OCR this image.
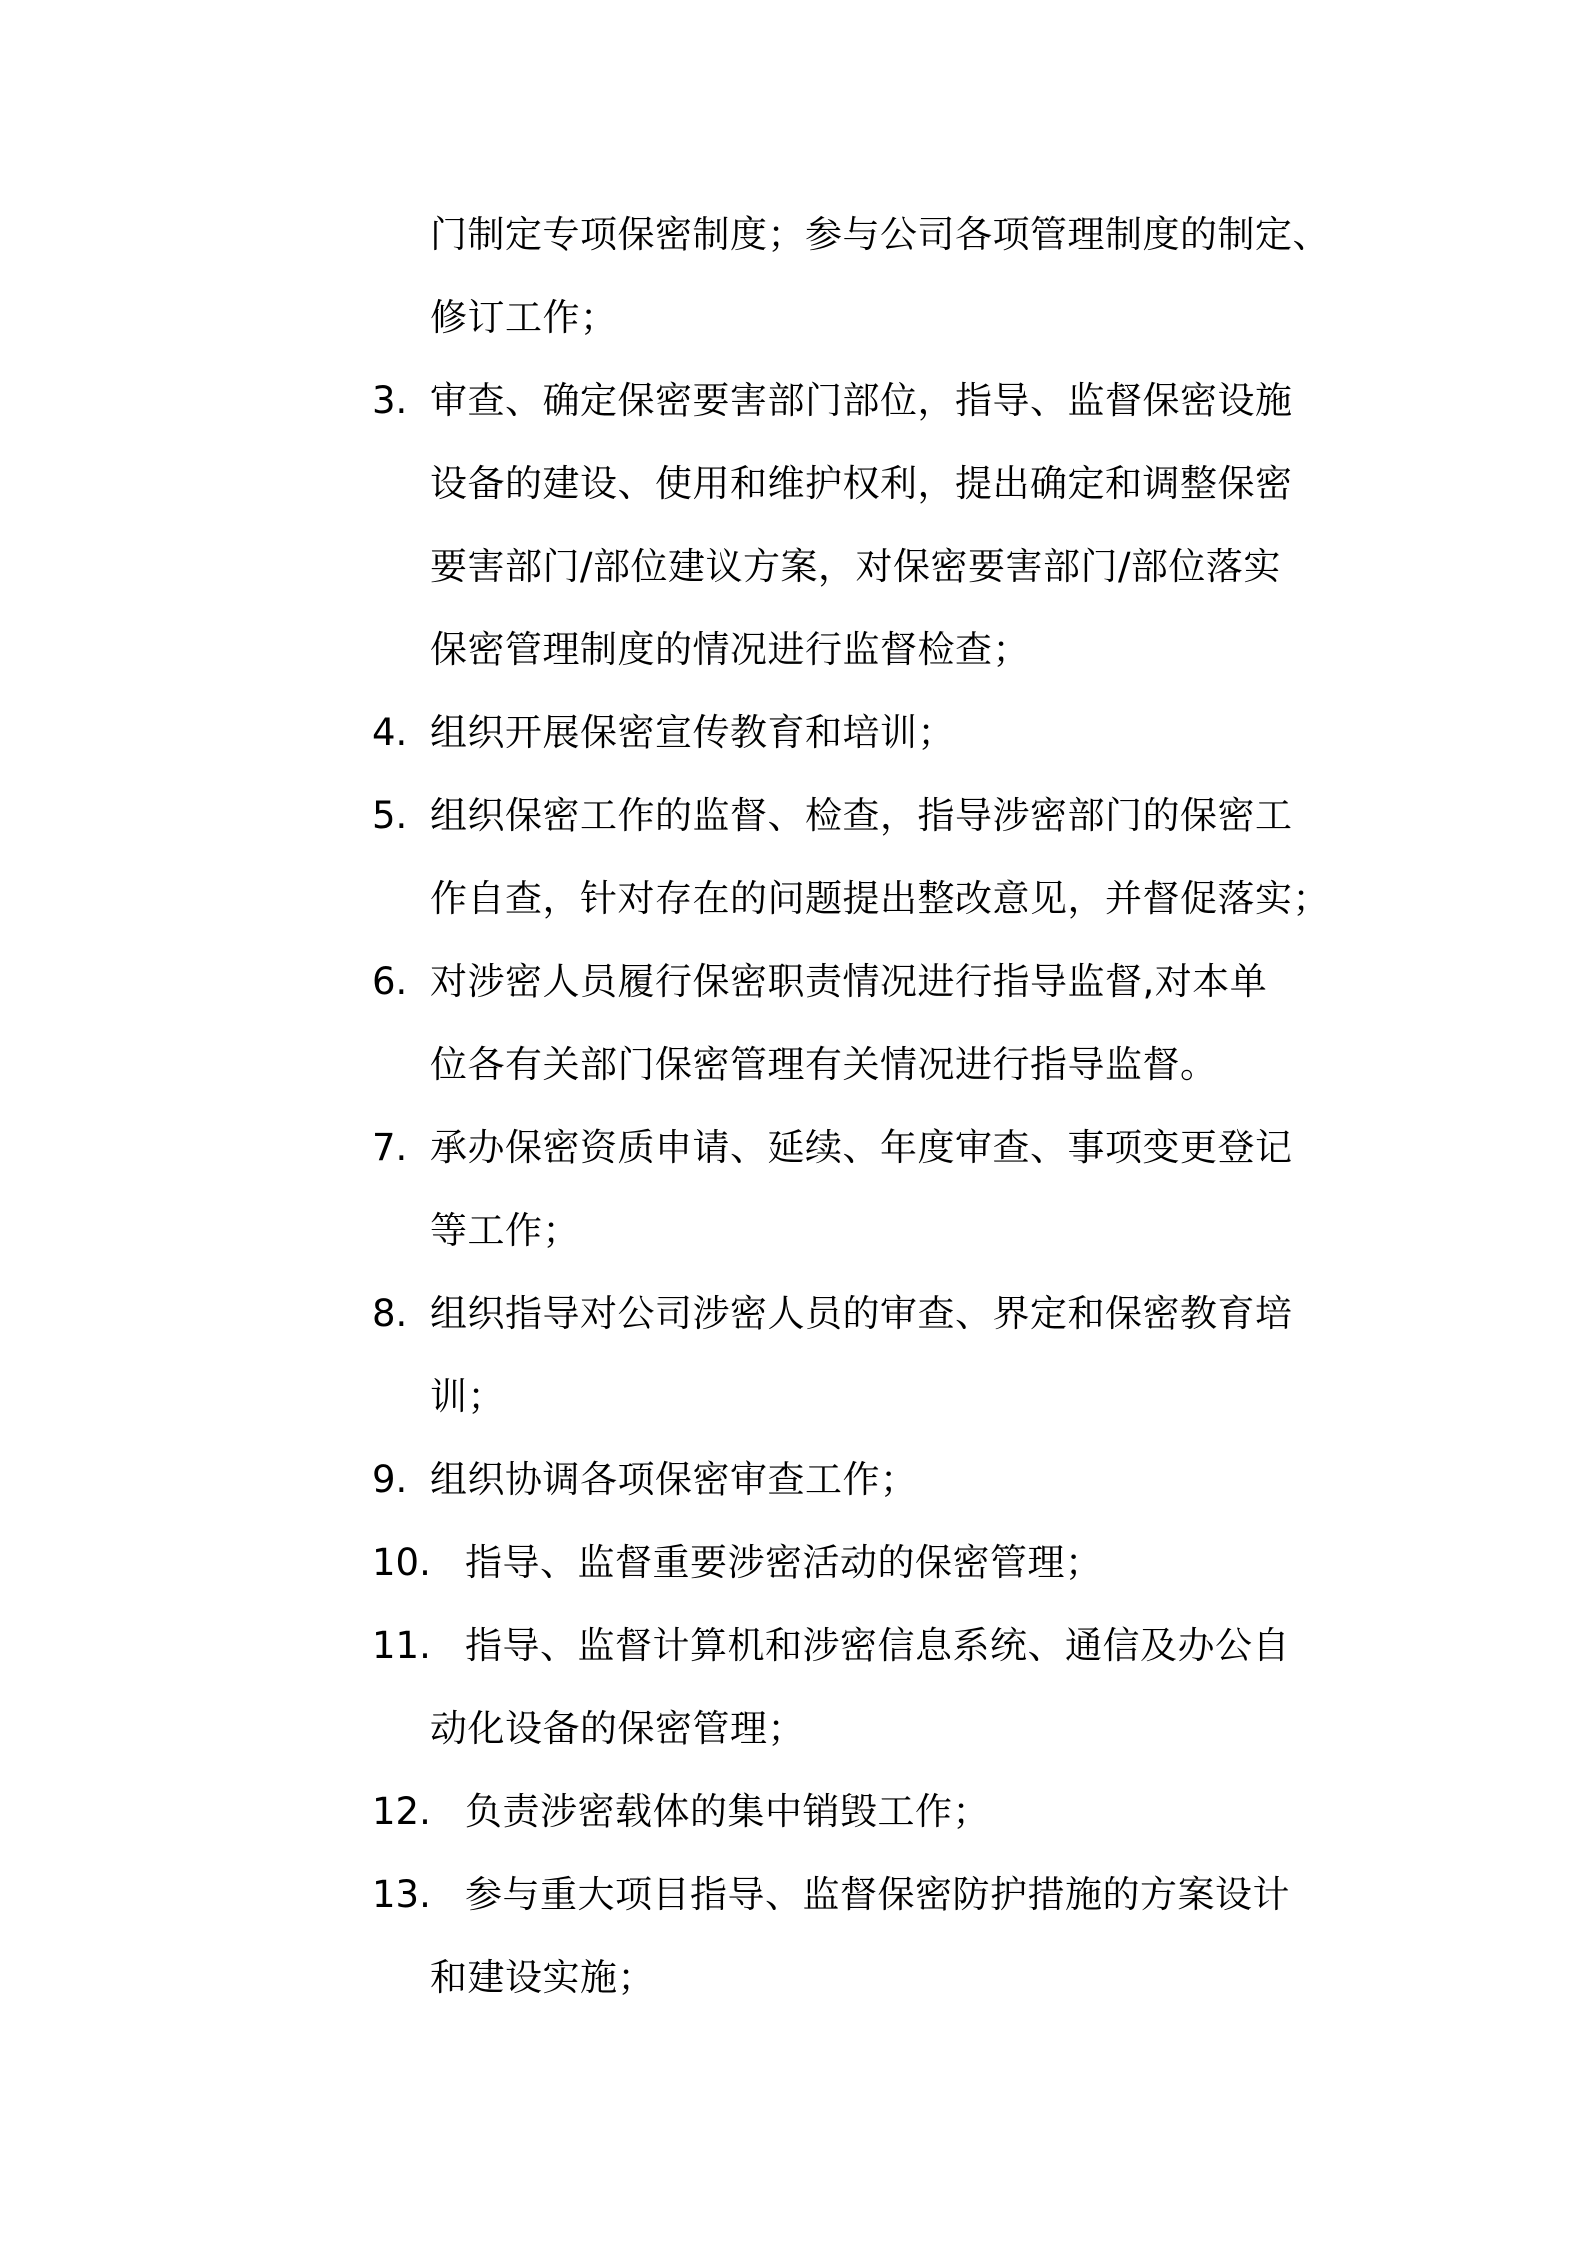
门制定专项保密制度；参与公司各项管理制度的制定、
修订工作；
3. 审查、确定保密要害部门部位，指导、监督保密设施
设备的建设、使用和维护权利，提出确定和调整保密
要害部门/部位建议方案，对保密要害部门/部位落实
保密管理制度的情况进行监督检查；
4. 组织开展保密宣传教育和培训；
5. 组织保密工作的监督、检查，指导涉密部门的保密工
作自查，针对存在的问题提出整改意见，并督促落实；
6. 对涉密人员履行保密职责情况进行指导监督,对本单
位各有关部门保密管理有关情况进行指导监督。
7. 承办保密资质申请、延续、年度审查、事项变更登记
等工作；
8. 组织指导对公司涉密人员的审查、界定和保密教育培
训；
9. 组织协调各项保密审查工作；
10. 指导、监督重要涉密活动的保密管理；
11. 指导、监督计算机和涉密信息系统、通信及办公自
动化设备的保密管理；
12. 负责涉密载体的集中销毁工作；
13. 参与重大项目指导、监督保密防护措施的方案设计
和建设实施；
